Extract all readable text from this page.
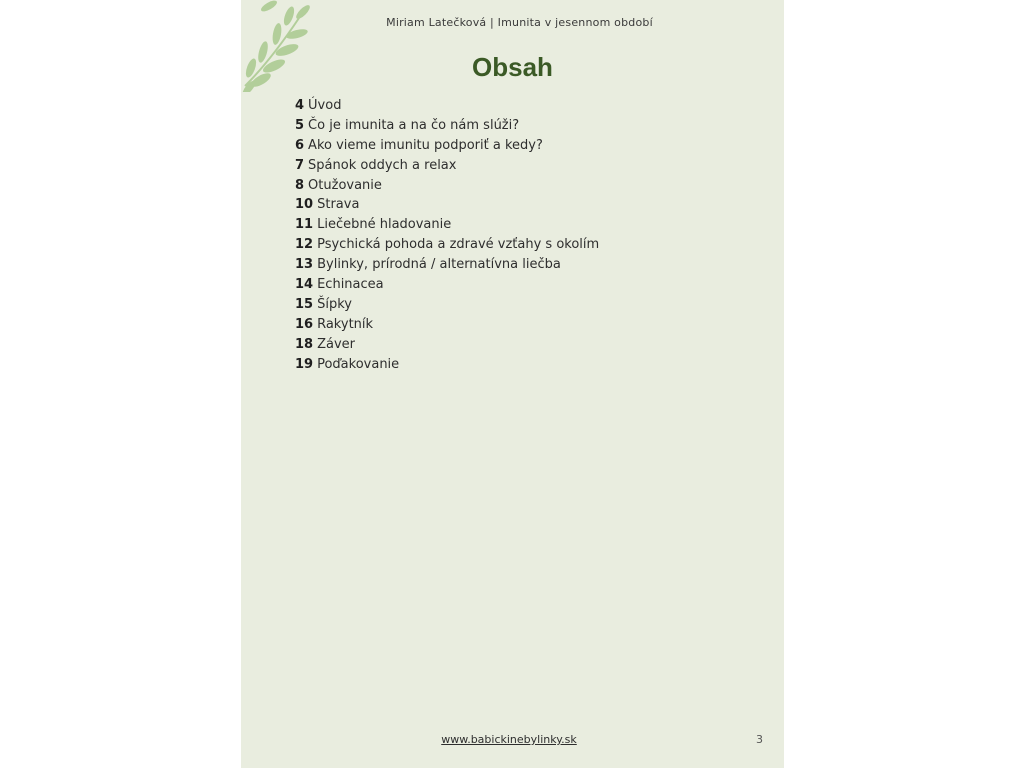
Miriam Latečková | Imunita v jesennom období
Obsah
4 Úvod
5 Čo je imunita a na čo nám slúži?
6 Ako vieme imunitu podporiť a kedy?
7 Spánok oddych a relax
8 Otužovanie
10 Strava
11 Liečebné hladovanie
12 Psychická pohoda a zdravé vzťahy s okolím
13 Bylinky, prírodná / alternatívna liečba
14 Echinacea
15 Šípky
16 Rakytník
18 Záver
19 Poďakovanie
www.babickinebylinky.sk	3
